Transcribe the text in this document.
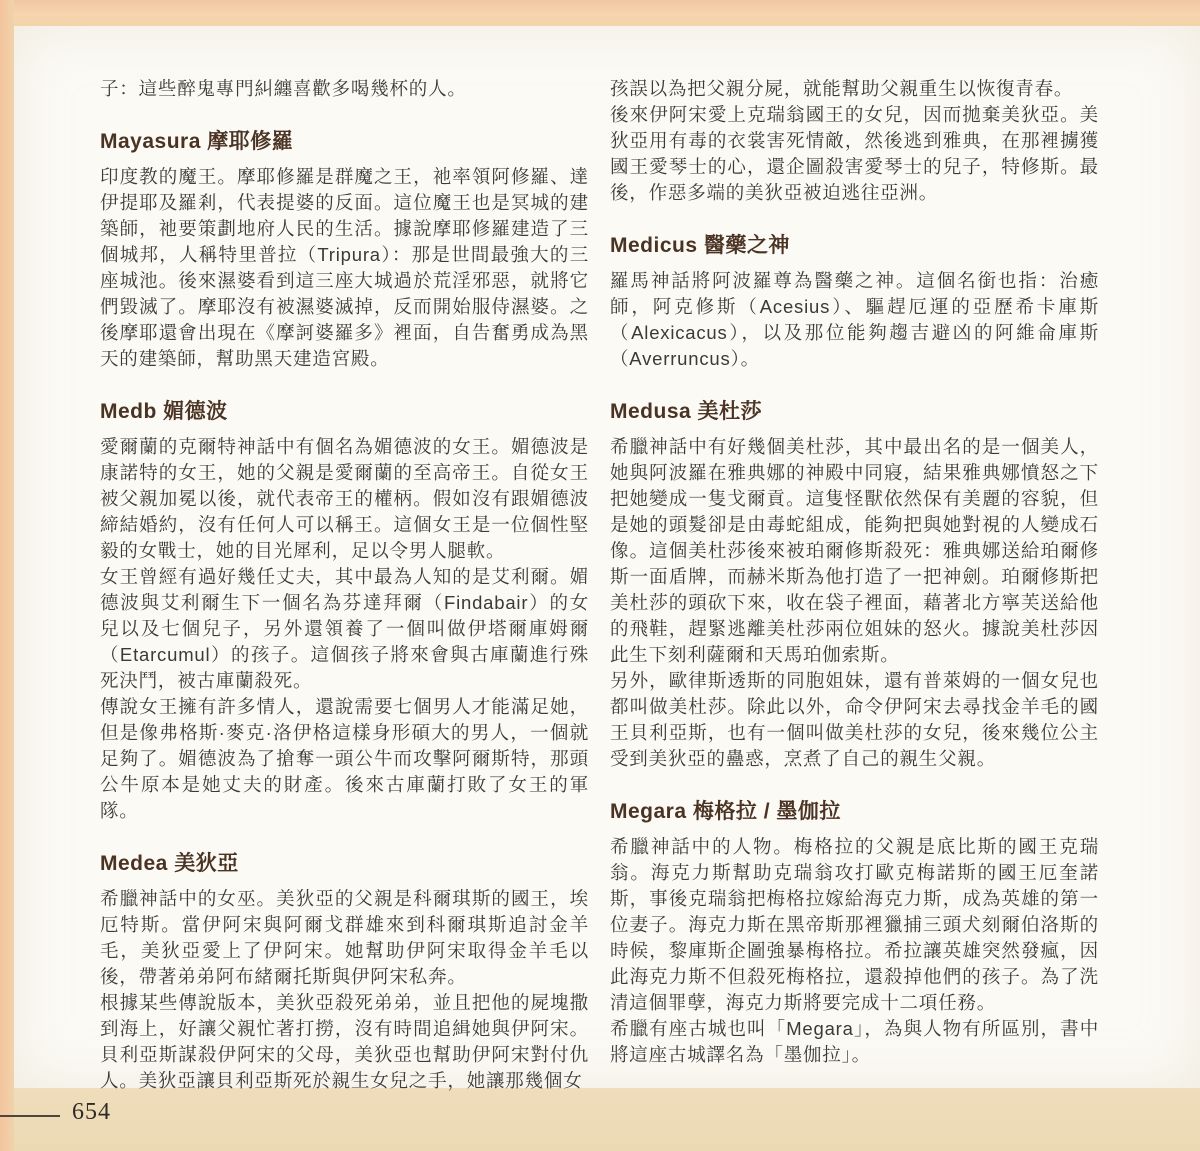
子：這些醉鬼專門糾纏喜歡多喝幾杯的人。

Mayasura 摩耶修羅

印度教的魔王。摩耶修羅是群魔之王，祂率領阿修羅、達伊提耶及羅剎，代表提婆的反面。這位魔王也是冥城的建築師，祂要策劃地府人民的生活。據說摩耶修羅建造了三個城邦，人稱特里普拉（Tripura）：那是世間最強大的三座城池。後來濕婆看到這三座大城過於荒淫邪惡，就將它們毀滅了。摩耶沒有被濕婆滅掉，反而開始服侍濕婆。之後摩耶還會出現在《摩訶婆羅多》裡面，自告奮勇成為黑天的建築師，幫助黑天建造宮殿。

Medb 媚德波

愛爾蘭的克爾特神話中有個名為媚德波的女王。媚德波是康諾特的女王，她的父親是愛爾蘭的至高帝王。自從女王被父親加冕以後，就代表帝王的權柄。假如沒有跟媚德波締結婚約，沒有任何人可以稱王。這個女王是一位個性堅毅的女戰士，她的目光犀利，足以令男人腿軟。

女王曾經有過好幾任丈夫，其中最為人知的是艾利爾。媚德波與艾利爾生下一個名為芬達拜爾（Findabair）的女兒以及七個兒子，另外還領養了一個叫做伊塔爾庫姆爾（Etarcumul）的孩子。這個孩子將來會與古庫蘭進行殊死決鬥，被古庫蘭殺死。

傳說女王擁有許多情人，還說需要七個男人才能滿足她，但是像弗格斯·麥克·洛伊格這樣身形碩大的男人，一個就足夠了。媚德波為了搶奪一頭公牛而攻擊阿爾斯特，那頭公牛原本是她丈夫的財產。後來古庫蘭打敗了女王的軍隊。

Medea 美狄亞

希臘神話中的女巫。美狄亞的父親是科爾琪斯的國王，埃厄特斯。當伊阿宋與阿爾戈群雄來到科爾琪斯追討金羊毛，美狄亞愛上了伊阿宋。她幫助伊阿宋取得金羊毛以後，帶著弟弟阿布緒爾托斯與伊阿宋私奔。

根據某些傳說版本，美狄亞殺死弟弟，並且把他的屍塊撒到海上，好讓父親忙著打撈，沒有時間追緝她與伊阿宋。貝利亞斯謀殺伊阿宋的父母，美狄亞也幫助伊阿宋對付仇人。美狄亞讓貝利亞斯死於親生女兒之手，她讓那幾個女

孩誤以為把父親分屍，就能幫助父親重生以恢復青春。

後來伊阿宋愛上克瑞翁國王的女兒，因而拋棄美狄亞。美狄亞用有毒的衣裳害死情敵，然後逃到雅典，在那裡擄獲國王愛琴士的心，還企圖殺害愛琴士的兒子，特修斯。最後，作惡多端的美狄亞被迫逃往亞洲。

Medicus 醫藥之神

羅馬神話將阿波羅尊為醫藥之神。這個名銜也指：治癒師，阿克修斯（Acesius）、驅趕厄運的亞歷希卡庫斯（Alexicacus），以及那位能夠趨吉避凶的阿維侖庫斯（Averruncus）。

Medusa 美杜莎

希臘神話中有好幾個美杜莎，其中最出名的是一個美人，她與阿波羅在雅典娜的神殿中同寢，結果雅典娜憤怒之下把她變成一隻戈爾貢。這隻怪獸依然保有美麗的容貌，但是她的頭髮卻是由毒蛇組成，能夠把與她對視的人變成石像。這個美杜莎後來被珀爾修斯殺死：雅典娜送給珀爾修斯一面盾牌，而赫米斯為他打造了一把神劍。珀爾修斯把美杜莎的頭砍下來，收在袋子裡面，藉著北方寧芙送給他的飛鞋，趕緊逃離美杜莎兩位姐妹的怒火。據說美杜莎因此生下刻利薩爾和天馬珀伽索斯。

另外，歐律斯透斯的同胞姐妹，還有普萊姆的一個女兒也都叫做美杜莎。除此以外，命令伊阿宋去尋找金羊毛的國王貝利亞斯，也有一個叫做美杜莎的女兒，後來幾位公主受到美狄亞的蠱惑，烹煮了自己的親生父親。

Megara 梅格拉 / 墨伽拉

希臘神話中的人物。梅格拉的父親是底比斯的國王克瑞翁。海克力斯幫助克瑞翁攻打歐克梅諾斯的國王厄奎諾斯，事後克瑞翁把梅格拉嫁給海克力斯，成為英雄的第一位妻子。海克力斯在黑帝斯那裡獵捕三頭犬刻爾伯洛斯的時候，黎庫斯企圖強暴梅格拉。希拉讓英雄突然發瘋，因此海克力斯不但殺死梅格拉，還殺掉他們的孩子。為了洗清這個罪孽，海克力斯將要完成十二項任務。

希臘有座古城也叫「Megara」，為與人物有所區別，書中將這座古城譯名為「墨伽拉」。

654
